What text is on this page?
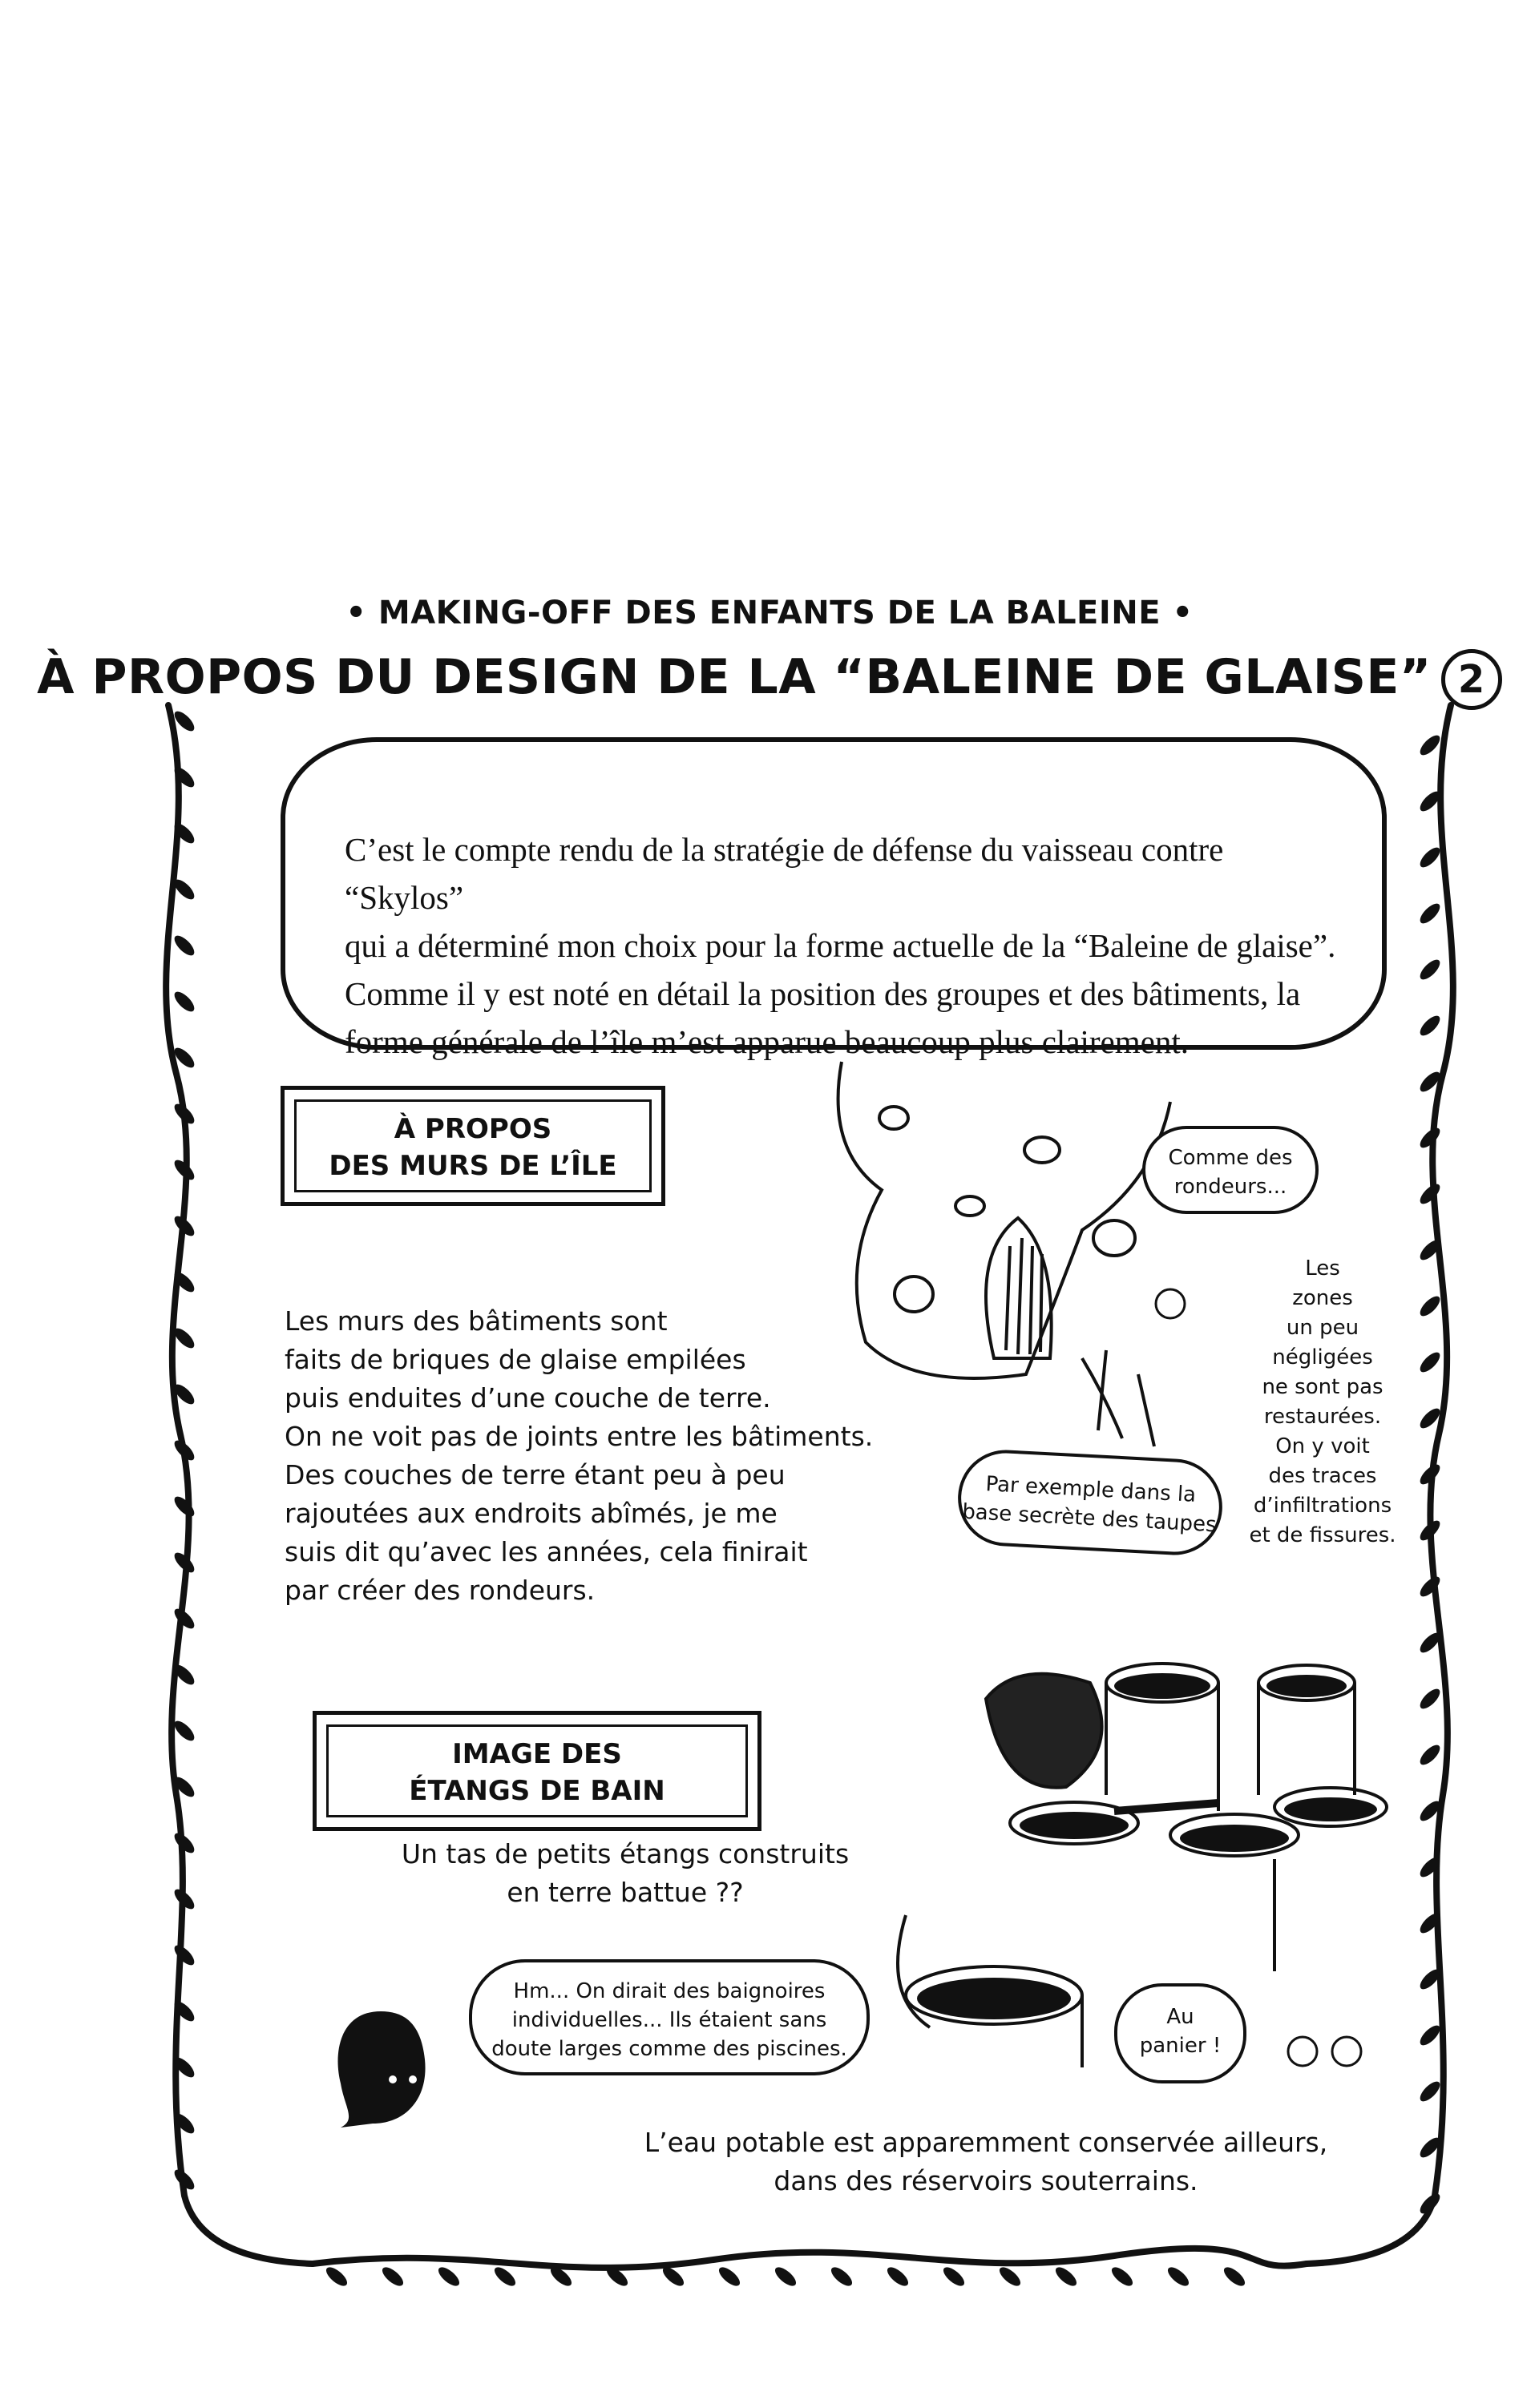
• MAKING-OFF DES ENFANTS DE LA BALEINE •
À PROPOS DU DESIGN DE LA “BALEINE DE GLAISE” 2
C’est le compte rendu de la stratégie de défense du vaisseau contre “Skylos”
qui a déterminé mon choix pour la forme actuelle de la “Baleine de glaise”.
Comme il y est noté en détail la position des groupes et des bâtiments, la
forme générale de l’île m’est apparue beaucoup plus clairement.
À PROPOS
DES MURS DE L’ÎLE	Comme des
rondeurs...
Les
zones
un peu
négligées
ne sont pas
restaurées.
On y voit
des traces
d’infiltrations
et de fissures.
Les murs des bâtiments sont
faits de briques de glaise empilées
puis enduites d’une couche de terre.
On ne voit pas de joints entre les bâtiments.
Des couches de terre étant peu à peu
rajoutées aux endroits abîmés, je me
suis dit qu’avec les années, cela finirait
par créer des rondeurs.
Par exemple dans la
base secrète des taupes
IMAGE DES
ÉTANGS DE BAIN
Un tas de petits étangs construits
en terre battue ??
Hm... On dirait des baignoires
individuelles... Ils étaient sans
doute larges comme des piscines.
Au
panier !
L’eau potable est apparemment conservée ailleurs,
dans des réservoirs souterrains.
